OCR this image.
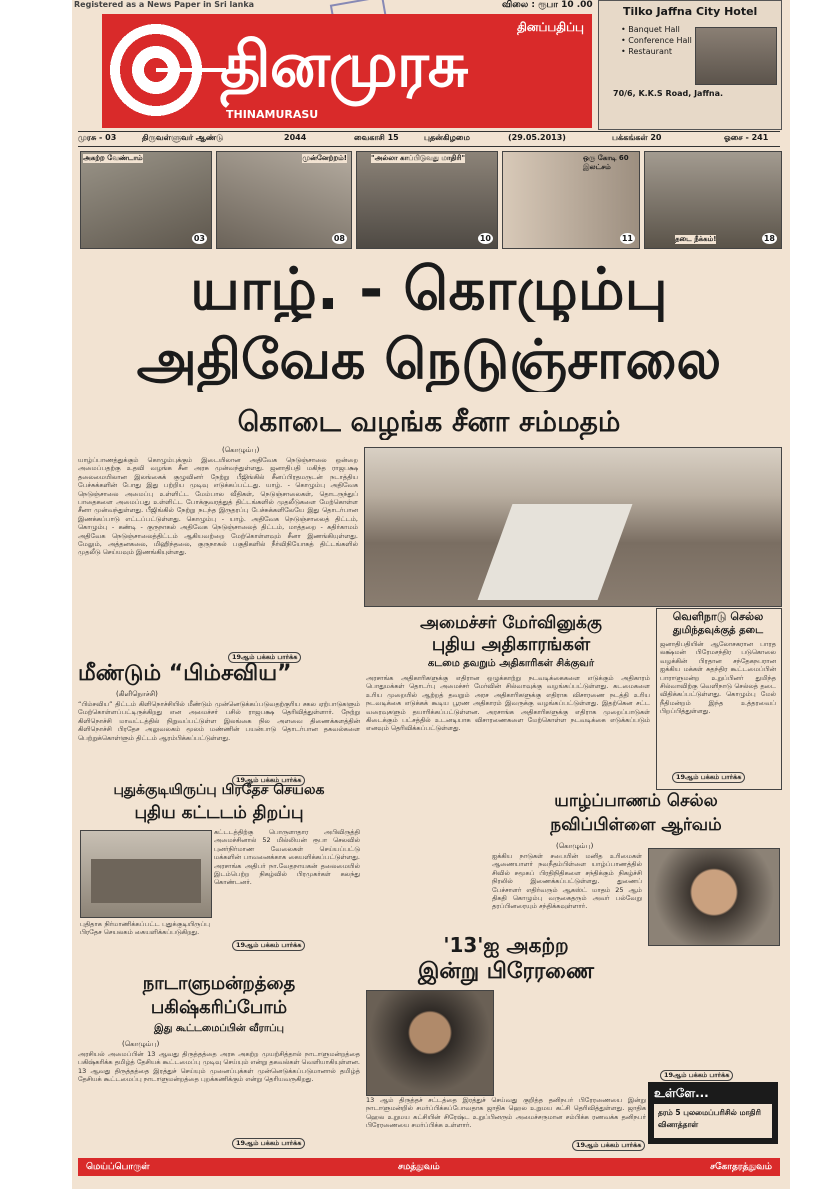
Registered as a News Paper in Sri lanka	விலை : ரூபா 10 .00
தினப்பதிப்பு
தினமுரசு
THINAMURASU
Tilko Jaffna City Hotel
• Banquet Hall
• Conference Hall
• Restaurant
70/6, K.K.S Road, Jaffna.
முரசு - 03	திருவள்ளுவர் ஆண்டு	2044	வைகாசி 15	புதன்கிழமை	(29.05.2013)	பக்கங்கள் 20	ஓசை - 241
அகற்ற வேண்டாம்
03
முன்னேற்றம்!
08
"அல்லா காப்பிடுவது மாதிரி"
10
ஒரு கோடி 60 இலட்சம்
11	தடை நீக்கம்!	18
யாழ். - கொழும்பு
அதிவேக நெடுஞ்சாலை
கொடை வழங்க சீனா சம்மதம்
(கொழும்பு)
யாழ்ப்பாணத்துக்கும் கொழும்புக்கும் இடையிலான அதிவேக நெடுஞ்சாலை ஒன்றை அமைப்பதற்கு உதவி வழங்க சீன அரசு முன்வந்துள்ளது. ஜனாதிபதி மகிந்த ராஜபக்ஷ தலைமையிலான இலங்கைக் குழுவினர் நேற்று பீஜிங்கில் சீனப்பிரதமருடன் நடாத்திய பேச்சுக்களின் போது இது பற்றிய முடிவு எடுக்கப்பட்டது. யாழ். - கொழும்பு அதிவேக நெடுஞ்சாலை அமைப்பு உள்ளிட்ட மேம்பால வீதிகள், நெடுஞ்சாலைகள், தொடருந்துப் பாதைகளை அமைப்பது உள்ளிட்ட போக்குவரத்துத் திட்டங்களில் முதலீடுகளை மேற்கொள்ள சீனா முன்வந்துள்ளது. பீஜிங்கில் நேற்று நடந்த இருதரப்பு பேச்சுக்களிலேயே இது தொடர்பான இணக்கப்பாடு எட்டப்பட்டுள்ளது. கொழும்பு - யாழ். அதிவேக நெடுஞ்சாலைத் திட்டம், கொழும்பு - கண்டி - குருநாகல் அதிவேக நெடுஞ்சாலைத் திட்டம், மாத்தறை - கதிர்காமம் அதிவேக நெடுஞ்சாலைத்திட்டம் ஆகியவற்றை மேற்கொள்ளவும் சீனா இணங்கியுள்ளது. மேலும், அத்தனகலை, மிஹிந்தலை, குருநாகல் பகுதிகளில் நீர்விநியோகத் திட்டங்களில் முதலீடு செய்யவும் இணங்கியுள்ளது.
19ஆம் பக்கம் பார்க்க
மீண்டும் “பிம்சவிய”
(கிளிநொச்சி)
“பிம்சவிய” திட்டம் கிளிநொச்சியில் மீண்டும் முன்னெடுக்கப்படுவதற்குரிய சகல ஏற்பாடுகளும் மேற்கொள்ளப்பட்டிருக்கிறது என அமைச்சர் பசில் ராஜபக்ஷ தெரிவித்துள்ளார். நேற்று கிளிநொச்சி மாவட்டத்தில் நிறுவப்பட்டுள்ள இலங்கை நில அளவை திணைக்களத்தின் கிளிநொச்சி பிரதேச அலுவலகம் மூலம் மண்ணின் பயன்பாடு தொடர்பான தகவல்களை பெற்றுக்கொள்ளும் திட்டம் ஆரம்பிக்கப்பட்டுள்ளது.
19ஆம் பக்கம் பார்க்க
அமைச்சர் மேர்வினுக்கு
புதிய அதிகாரங்கள்
கடமை தவறும் அதிகாரிகள் சிக்குவர்
அரசாங்க அதிகாரிகளுக்கு எதிரான ஒழுக்காற்று நடவடிக்கைகளை எடுக்கும் அதிகாரம் பொதுமக்கள் தொடர்பு அமைச்சர் மேர்வின் சில்வாவுக்கு வழங்கப்பட்டுள்ளது. கடமைகளை உரிய முறையில் ஆற்றத் தவறும் அரச அதிகாரிகளுக்கு எதிராக விசாரணை நடத்தி உரிய நடவடிக்கை எடுக்கக் கூடிய பூரண அதிகாரம் இவருக்கு வழங்கப்பட்டுள்ளது. இதற்கென சட்ட வரைவுகளும் தயாரிக்கப்பட்டுள்ளன. அரசாங்க அதிகாரிகளுக்கு எதிராக முறைப்பாடுகள் கிடைக்கும் பட்சத்தில் உடனடியாக விசாரணைகளை மேற்கொள்ள நடவடிக்கை எடுக்கப்படும் எனவும் தெரிவிக்கப்பட்டுள்ளது.
வெளிநாடு செல்ல
துமிந்தவுக்குத் தடை
ஜனாதிபதியின் ஆலோசகரான பாரத லக்ஷ்மன் பிரேமசந்திர படுகொலை வழக்கின் பிரதான சந்தேகநபரான ஐக்கிய மக்கள் சுதந்திர கூட்டமைப்பின் பாராளுமன்ற உறுப்பினர் துமிந்த சில்வாவிற்கு வெளிநாடு செல்லத் தடை விதிக்கப்பட்டுள்ளது. கொழும்பு மேல் நீதிமன்றம் இந்த உத்தரவைப் பிறப்பித்துள்ளது.
19ஆம் பக்கம் பார்க்க
புதுக்குடியிருப்பு பிரதேச செயலக
புதிய கட்டடம் திறப்பு
கட்டடத்திற்கு பொருளாதார அபிவிருத்தி அமைச்சினால் 52 மில்லியன் ரூபா செலவில் புனர்நிர்மாண வேலைகள் செய்யப்பட்டு மக்களின் பாவனைக்காக கையளிக்கப்பட்டுள்ளது. அரசாங்க அதிபர் நா.வேதநாயகன் தலைமையில் இடம்பெற்ற நிகழ்வில் பிரமுகர்கள் கலந்து கொண்டனர்.
புதிதாக நிர்மாணிக்கப்பட்ட புதுக்குடியிருப்பு பிரதேச செயலகம் கையளிக்கப்படுகிறது.
19ஆம் பக்கம் பார்க்க
யாழ்ப்பாணம் செல்ல
நவிப்பிள்ளை ஆர்வம்
(கொழும்பு)
ஐக்கிய நாடுகள் சபையின் மனித உரிமைகள் ஆணையாளர் நவநீதம்பிள்ளை யாழ்ப்பாணத்தில் சிவில் சமூகப் பிரதிநிதிகளை சந்திக்கும் நிகழ்ச்சி நிரலில் இணைக்கப்பட்டுள்ளது. துணைப் பேச்சாளர் எதிர்வரும் ஆகஸ்ட் மாதம் 25 ஆம் திகதி கொழும்பு வருகைதரும் அவர் பல்வேறு தரப்பினரையும் சந்திக்கவுள்ளார்.
19ஆம் பக்கம் பார்க்க
'13'ஐ அகற்ற
இன்று பிரேரணை
13 ஆம் திருத்தச் சட்டத்தை இரத்துச் செய்வது குறித்த தனிநபர் பிரேரணையை இன்று நாடாளுமன்றில் சமர்ப்பிக்கப்போவதாக ஜாதிக ஹெல உறுமய கட்சி தெரிவித்துள்ளது. ஜாதிக ஹெல உறுமய கட்சியின் சிரேஷ்ட உறுப்பினரும் அமைச்சருமான சம்பிக்க ரணவக்க தனிநபர் பிரேரணையை சமர்ப்பிக்க உள்ளார்.
19ஆம் பக்கம் பார்க்க
நாடாளுமன்றத்தை
பகிஷ்கரிப்போம்
இது கூட்டமைப்பின் வீராப்பு
(கொழும்பு)
அரசியல் அமைப்பின் 13 ஆவது திருத்தத்தை அரசு அகற்ற முயற்சித்தால் நாடாளுமன்றத்தை பகிஷ்கரிக்க தமிழ்த் தேசியக் கூட்டமைப்பு முடிவு செய்யும் என்று தகவல்கள் வெளியாகியுள்ளன. 13 ஆவது திருத்தத்தை இரத்துச் செய்யும் முனைப்புக்கள் முன்னெடுக்கப்படுமானால் தமிழ்த் தேசியக் கூட்டமைப்பு நாடாளுமன்றத்தை புறக்கணிக்கும் என்று தெரியவருகிறது.
19ஆம் பக்கம் பார்க்க
உள்ளே...
தரம் 5 புலமைப்பரிசில் மாதிரி வினாத்தாள்
மெய்ப்பொருள்	சமத்துவம்	சகோதரத்துவம்
